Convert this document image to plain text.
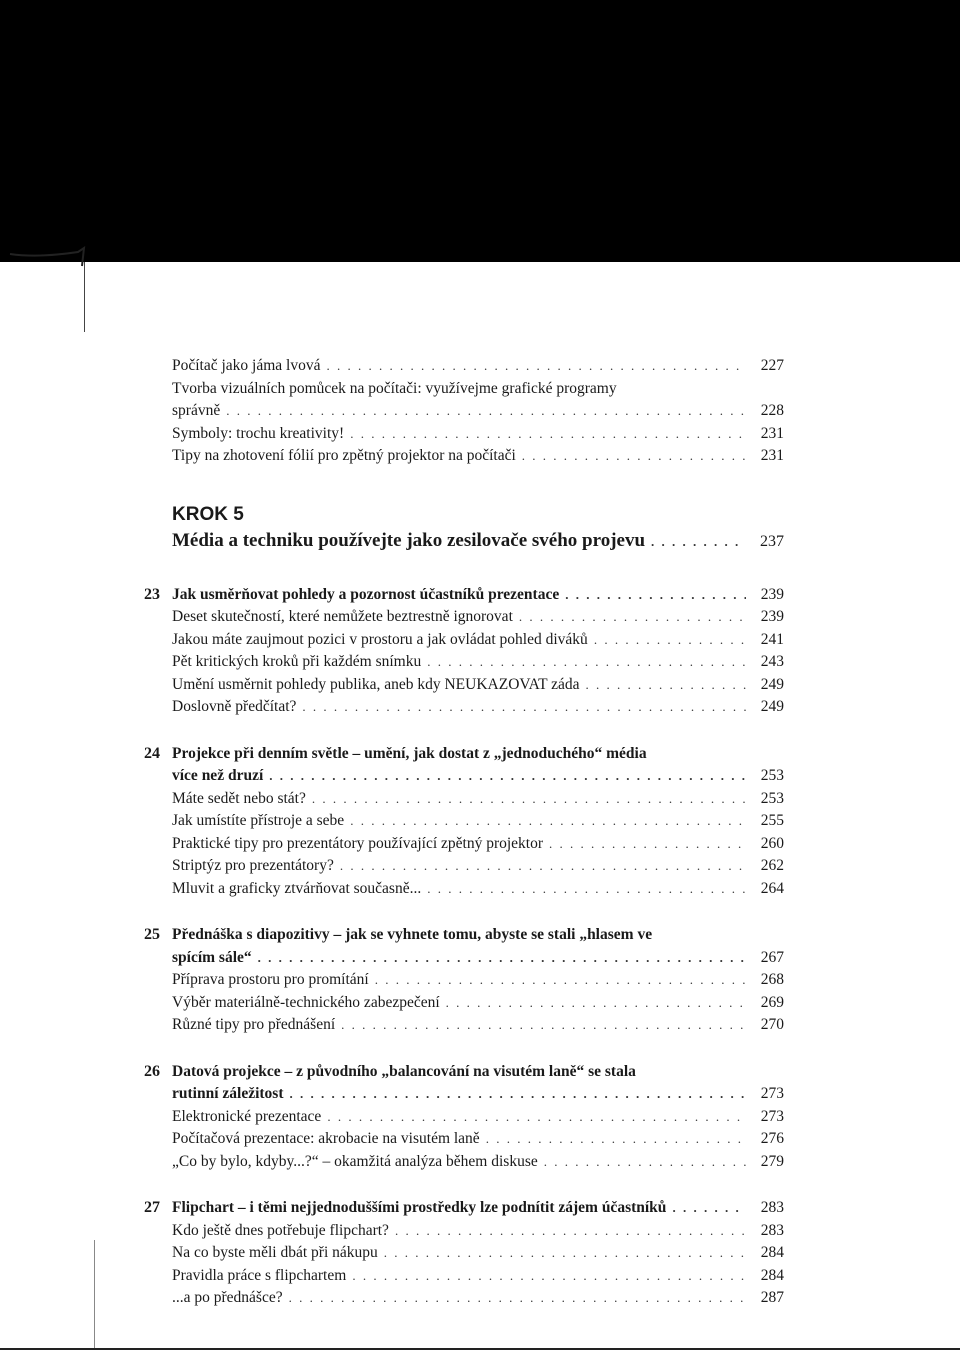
Počítač jako jáma lvová . . .	227
Tvorba vizuálních pomůcek na počítači: využívejme grafické programy
správně . . .	228
Symboly: trochu kreativity! . . .	231
Tipy na zhotovení fólií pro zpětný projektor na počítači . . .	231
KROK 5
Média a techniku používejte jako zesilovače svého projevu . . .	237
23 Jak usměrňovat pohledy a pozornost účastníků prezentace . . .	239
Deset skutečností, které nemůžete beztrestně ignorovat . . .	239
Jakou máte zaujmout pozici v prostoru a jak ovládat pohled diváků . . .	241
Pět kritických kroků při každém snímku . . .	243
Umění usměrnit pohledy publika, aneb kdy NEUKAZOVAT záda . . .	249
Doslovně předčítat? . . .	249
24 Projekce při denním světle – umění, jak dostat z „jednoduchého“ média
více než druzí . . .	253
Máte sedět nebo stát? . . .	253
Jak umístíte přístroje a sebe . . .	255
Praktické tipy pro prezentátory používající zpětný projektor . . .	260
Striptýz pro prezentátory? . . .	262
Mluvit a graficky ztvárňovat současně... . . .	264
25 Přednáška s diapozitivy – jak se vyhnete tomu, abyste se stali „hlasem ve
spícím sále“ . . .	267
Příprava prostoru pro promítání . . .	268
Výběr materiálně-technického zabezpečení . . .	269
Různé tipy pro přednášení . . .	270
26 Datová projekce – z původního „balancování na visutém laně“ se stala
rutinní záležitost . . .	273
Elektronické prezentace . . .	273
Počítačová prezentace: akrobacie na visutém laně . . .	276
„Co by bylo, kdyby...?“ – okamžitá analýza během diskuse . . .	279
27 Flipchart – i těmi nejjednoduššími prostředky lze podnítit zájem účastníků . . .	283
Kdo ještě dnes potřebuje flipchart? . . .	283
Na co byste měli dbát při nákupu . . .	284
Pravidla práce s flipchartem . . .	284
...a po přednášce? . . .	287
